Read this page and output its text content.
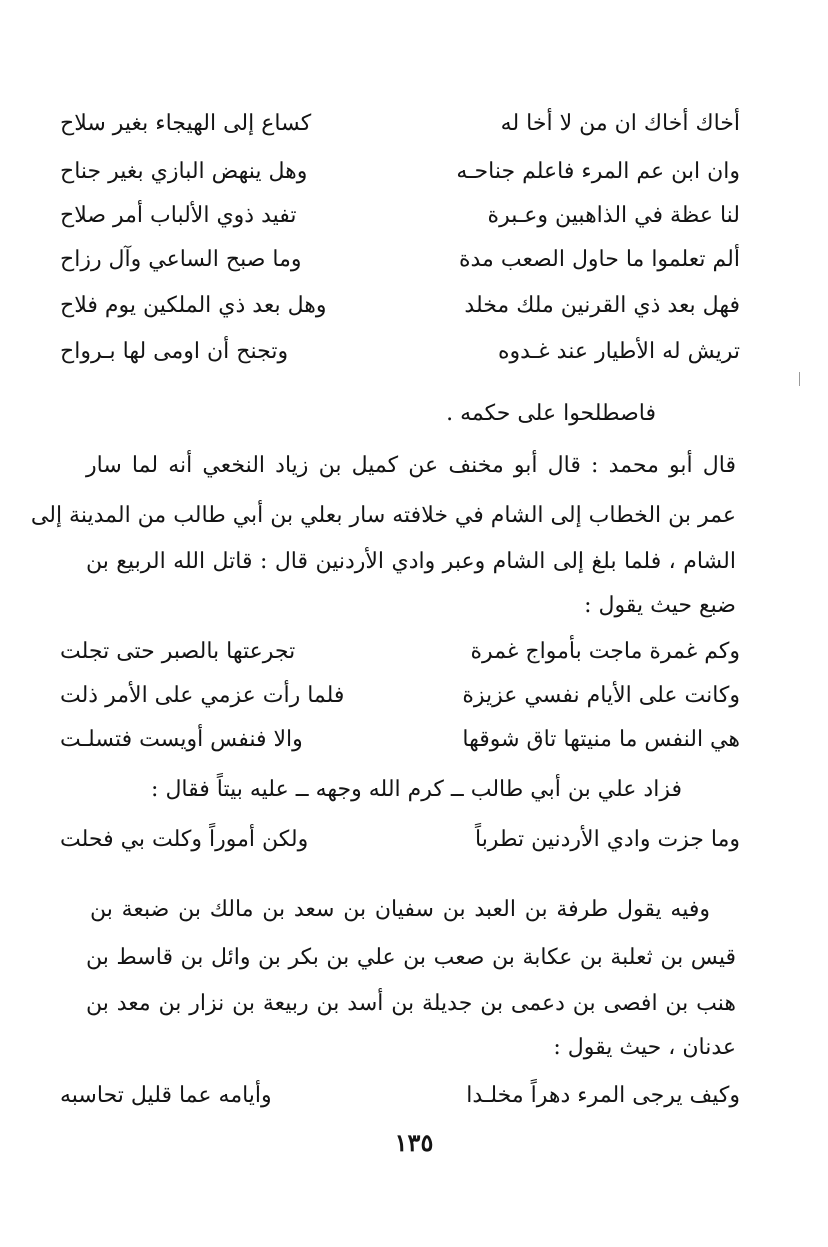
أخاك أخاك ان من لا أخا له
كساع إلى الهيجاء بغير سلاح
وان ابن عم المرء فاعلم جناحـه
وهل ينهض البازي بغير جناح
لنا عظة في الذاهبين وعـبرة
تفيد ذوي الألباب أمر صلاح
ألم تعلموا ما حاول الصعب مدة
وما صبح الساعي وآل رزاح
فهل بعد ذي القرنين ملك مخلد
وهل بعد ذي الملكين يوم فلاح
تريش له الأطيار عند غـدوه
وتجنح أن اومى لها بـرواح
فاصطلحوا على حكمه .
قال أبو محمد : قال أبو مخنف عن كميل بن زياد النخعي أنه لما سار
عمر بن الخطاب إلى الشام في خلافته سار بعلي بن أبي طالب من المدينة إلى
الشام ، فلما بلغ إلى الشام وعبر وادي الأردنين قال : قاتل الله الربيع بن
ضبع حيث يقول :
وكم غمرة ماجت بأمواج غمرة
تجرعتها بالصبر حتى تجلت
وكانت على الأيام نفسي عزيزة
فلما رأت عزمي على الأمر ذلت
هي النفس ما منيتها تاق شوقها
والا فنفس أويست فتسلـت
فزاد علي بن أبي طالب ــ كرم الله وجهه ــ عليه بيتاً فقال :
وما جزت وادي الأردنين تطرباً
ولكن أموراً وكلت بي فحلت
وفيه يقول طرفة بن العبد بن سفيان بن سعد بن مالك بن ضبعة بن
قيس بن ثعلبة بن عكابة بن صعب بن علي بن بكر بن وائل بن قاسط بن
هنب بن افصى بن دعمى بن جديلة بن أسد بن ربيعة بن نزار بن معد بن
عدنان ، حيث يقول :
وكيف يرجى المرء دهراً مخلـدا
وأيامه عما قليل تحاسبه
١٣٥
